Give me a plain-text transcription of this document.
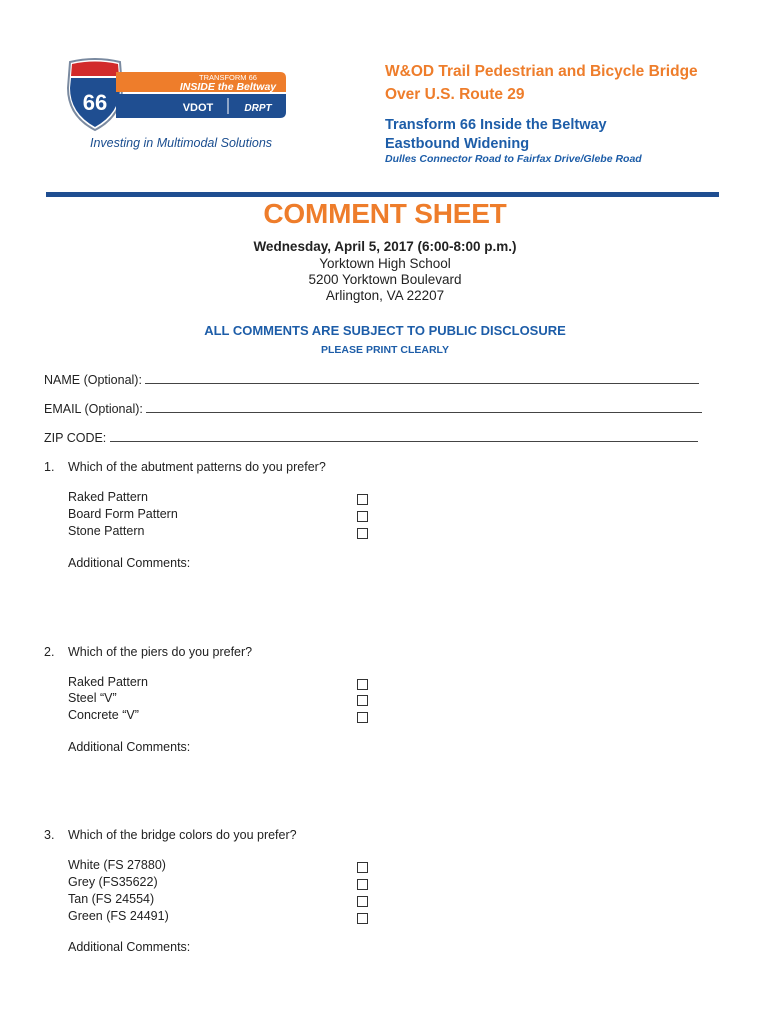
66
TRANSFORM 66
INSIDE the Beltway
VDOT	DRPT
Investing in Multimodal Solutions
W&OD Trail Pedestrian and Bicycle Bridge
Over U.S. Route 29
Transform 66 Inside the Beltway
Eastbound Widening
Dulles Connector Road to Fairfax Drive/Glebe Road
COMMENT SHEET
Wednesday, April 5, 2017 (6:00-8:00 p.m.)
Yorktown High School
5200 Yorktown Boulevard
Arlington, VA 22207
ALL COMMENTS ARE SUBJECT TO PUBLIC DISCLOSURE
PLEASE PRINT CLEARLY
NAME (Optional):
EMAIL (Optional):
ZIP CODE:
1. Which of the abutment patterns do you prefer?
Raked Pattern
Board Form Pattern
Stone Pattern
Additional Comments:
2. Which of the piers do you prefer?
Raked Pattern
Steel “V”
Concrete “V”
Additional Comments:
3. Which of the bridge colors do you prefer?
White (FS 27880)
Grey (FS35622)
Tan (FS 24554)
Green (FS 24491)
Additional Comments:
